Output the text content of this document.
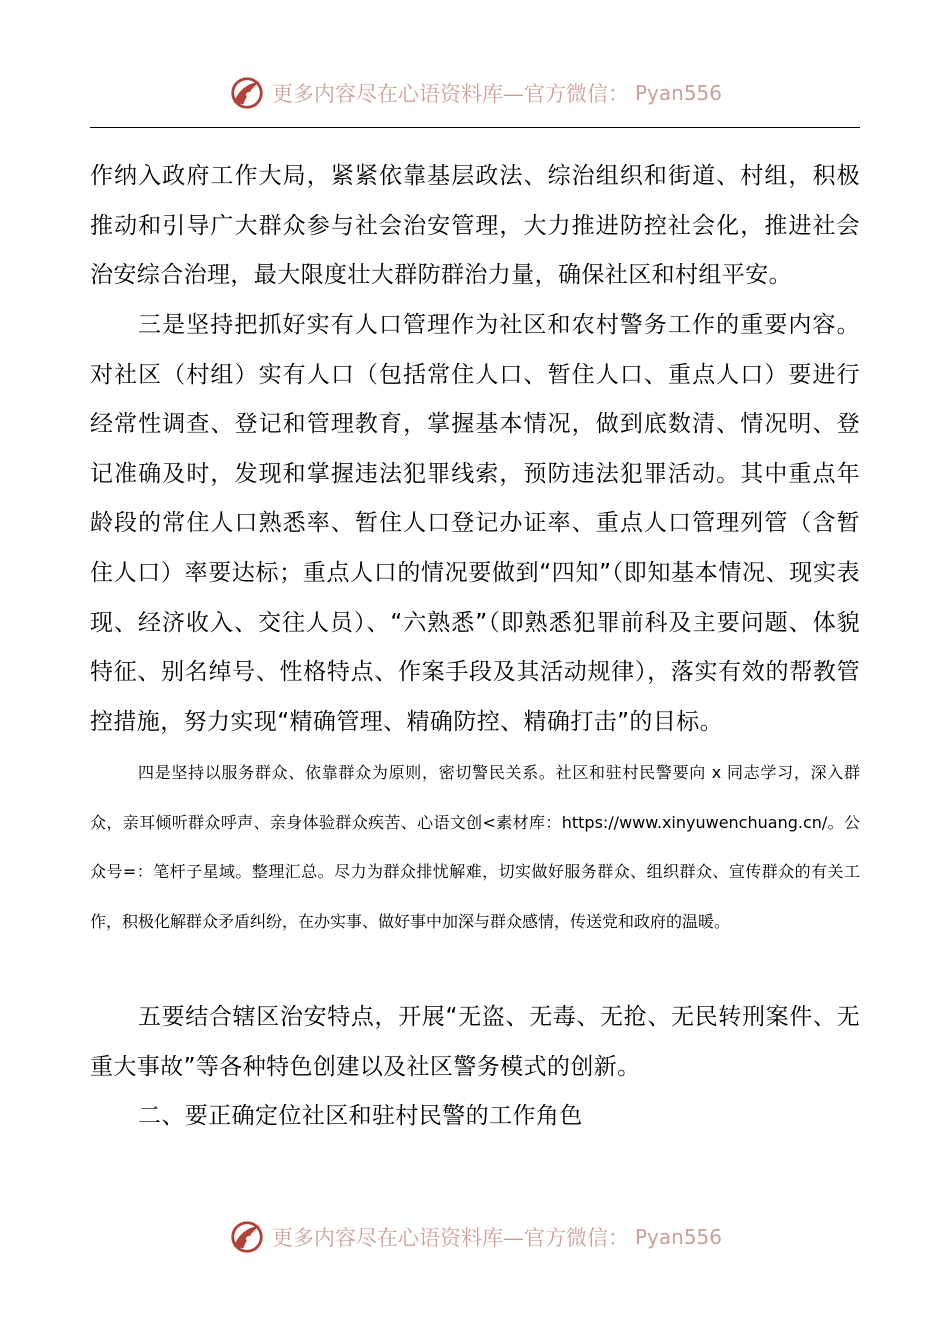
更多内容尽在心语资料库—官方微信： Pyan556

作纳入政府工作大局，紧紧依靠基层政法、综治组织和街道、村组，积极推动和引导广大群众参与社会治安管理，大力推进防控社会化，推进社会治安综合治理，最大限度壮大群防群治力量，确保社区和村组平安。

三是坚持把抓好实有人口管理作为社区和农村警务工作的重要内容。对社区（村组）实有人口（包括常住人口、暂住人口、重点人口）要进行经常性调查、登记和管理教育，掌握基本情况，做到底数清、情况明、登记准确及时，发现和掌握违法犯罪线索，预防违法犯罪活动。其中重点年龄段的常住人口熟悉率、暂住人口登记办证率、重点人口管理列管（含暂住人口）率要达标；重点人口的情况要做到“四知”（即知基本情况、现实表现、经济收入、交往人员）、“六熟悉”（即熟悉犯罪前科及主要问题、体貌特征、别名绰号、性格特点、作案手段及其活动规律），落实有效的帮教管控措施，努力实现“精确管理、精确防控、精确打击”的目标。

四是坚持以服务群众、依靠群众为原则，密切警民关系。社区和驻村民警要向 x 同志学习，深入群众，亲耳倾听群众呼声、亲身体验群众疾苦、心语文创<素材库：https://www.xinyuwenchuang.cn/。公众号=：笔杆子星域。整理汇总。尽力为群众排忧解难，切实做好服务群众、组织群众、宣传群众的有关工作，积极化解群众矛盾纠纷，在办实事、做好事中加深与群众感情，传送党和政府的温暖。

五要结合辖区治安特点，开展“无盗、无毒、无抢、无民转刑案件、无重大事故”等各种特色创建以及社区警务模式的创新。

二、要正确定位社区和驻村民警的工作角色

更多内容尽在心语资料库—官方微信： Pyan556
